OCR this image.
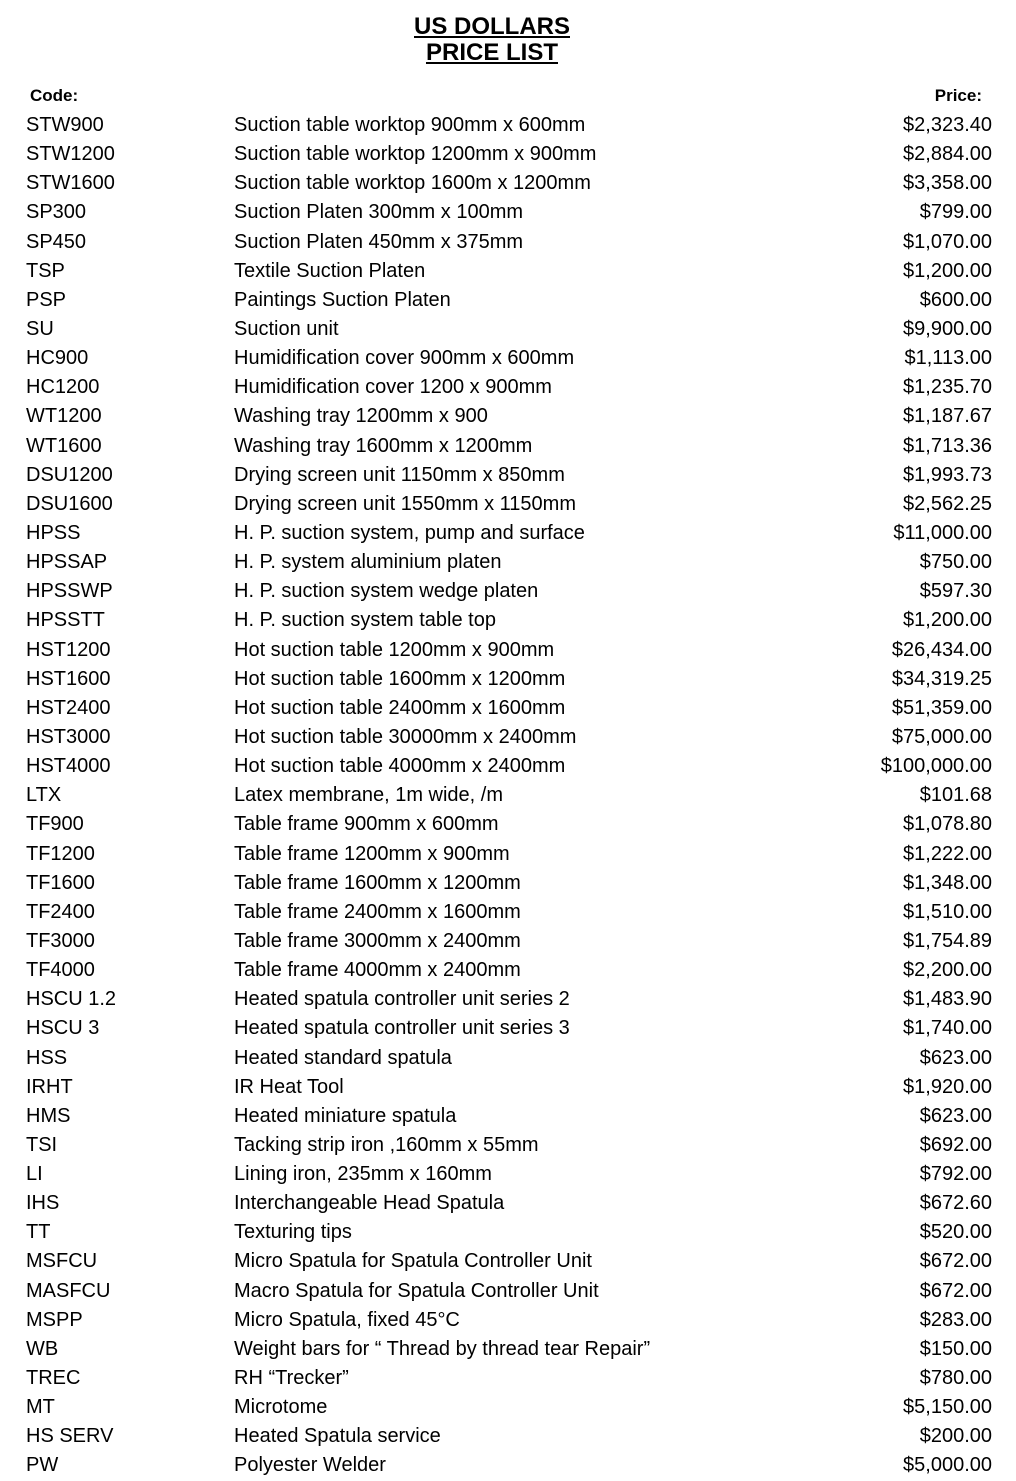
US DOLLARS
PRICE LIST
Code:	Price:
STW900	Suction table worktop 900mm x 600mm	$2,323.40
STW1200	Suction table worktop 1200mm x 900mm	$2,884.00
STW1600	Suction table worktop 1600m x 1200mm	$3,358.00
SP300	Suction Platen 300mm x 100mm	$799.00
SP450	Suction Platen 450mm x 375mm	$1,070.00
TSP	Textile Suction Platen	$1,200.00
PSP	Paintings Suction Platen	$600.00
SU	Suction unit	$9,900.00
HC900	Humidification cover 900mm x 600mm	$1,113.00
HC1200	Humidification cover 1200 x 900mm	$1,235.70
WT1200	Washing tray 1200mm x 900	$1,187.67
WT1600	Washing tray 1600mm x 1200mm	$1,713.36
DSU1200	Drying screen unit 1150mm x 850mm	$1,993.73
DSU1600	Drying screen unit 1550mm x 1150mm	$2,562.25
HPSS	H. P. suction system, pump and surface	$11,000.00
HPSSAP	H. P. system aluminium platen	$750.00
HPSSWP	H. P. suction system wedge platen	$597.30
HPSSTT	H. P. suction system table top	$1,200.00
HST1200	Hot suction table 1200mm x 900mm	$26,434.00
HST1600	Hot suction table 1600mm x 1200mm	$34,319.25
HST2400	Hot suction table 2400mm x 1600mm	$51,359.00
HST3000	Hot suction table 30000mm x 2400mm	$75,000.00
HST4000	Hot suction table 4000mm x 2400mm	$100,000.00
LTX	Latex membrane, 1m wide, /m	$101.68
TF900	Table frame 900mm x 600mm	$1,078.80
TF1200	Table frame 1200mm x 900mm	$1,222.00
TF1600	Table frame 1600mm x 1200mm	$1,348.00
TF2400	Table frame 2400mm x 1600mm	$1,510.00
TF3000	Table frame 3000mm x 2400mm	$1,754.89
TF4000	Table frame 4000mm x 2400mm	$2,200.00
HSCU 1.2	Heated spatula controller unit series 2	$1,483.90
HSCU 3	Heated spatula controller unit series 3	$1,740.00
HSS	Heated standard spatula	$623.00
IRHT	IR Heat Tool	$1,920.00
HMS	Heated miniature spatula	$623.00
TSI	Tacking strip iron ,160mm x 55mm	$692.00
LI	Lining iron, 235mm x 160mm	$792.00
IHS	Interchangeable Head Spatula	$672.60
TT	Texturing tips	$520.00
MSFCU	Micro Spatula for Spatula Controller Unit	$672.00
MASFCU	Macro Spatula for Spatula Controller Unit	$672.00
MSPP	Micro Spatula, fixed 45°C	$283.00
WB	Weight bars for “ Thread by thread tear Repair”	$150.00
TREC	RH “Trecker”	$780.00
MT	Microtome	$5,150.00
HS SERV	Heated Spatula service	$200.00
PW	Polyester Welder	$5,000.00
